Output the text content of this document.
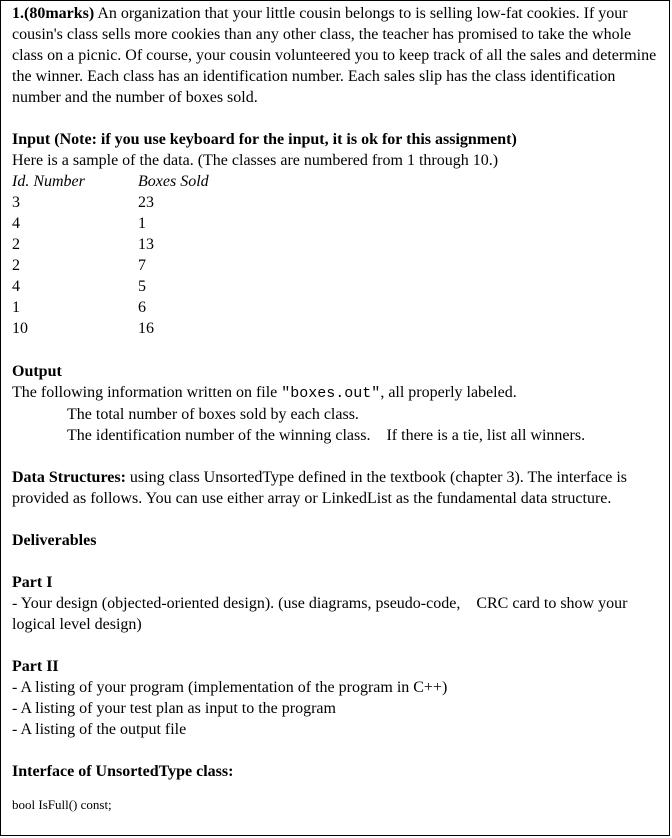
1.(80marks) An organization that your little cousin belongs to is selling low-fat cookies. If your cousin's class sells more cookies than any other class, the teacher has promised to take the whole class on a picnic. Of course, your cousin volunteered you to keep track of all the sales and determine the winner. Each class has an identification number. Each sales slip has the class identification number and the number of boxes sold.

Input (Note: if you use keyboard for the input, it is ok for this assignment)

Here is a sample of the data. (The classes are numbered from 1 through 10.)

Id. Number	Boxes Sold
3	23
4	1
2	13
2	7
4	5
1	6
10	16

Output

The following information written on file "boxes.out", all properly labeled.

The total number of boxes sold by each class.

The identification number of the winning class.    If there is a tie, list all winners.

Data Structures: using class UnsortedType defined in the textbook (chapter 3). The interface is provided as follows. You can use either array or LinkedList as the fundamental data structure.

Deliverables

Part I

- Your design (objected-oriented design). (use diagrams, pseudo-code,    CRC card to show your logical level design)

Part II

- A listing of your program (implementation of the program in C++)

- A listing of your test plan as input to the program

- A listing of the output file

Interface of UnsortedType class:

bool IsFull() const;
